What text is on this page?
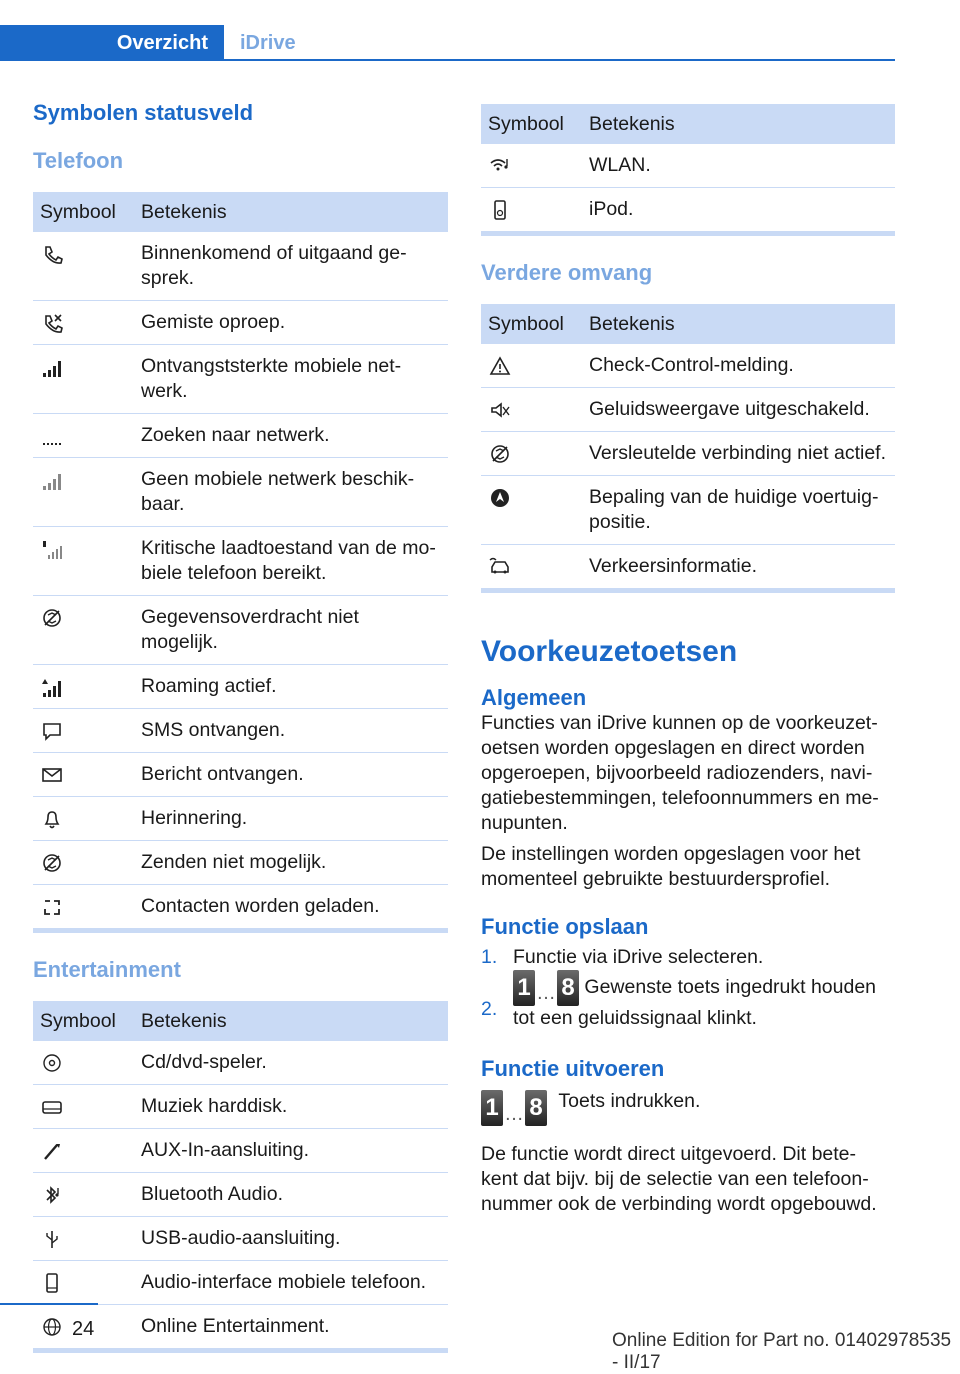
Overzicht	iDrive
Symbolen statusveld
Telefoon
Symbool	Betekenis
	Binnenkomend of uitgaand ge-
sprek.
	Gemiste oproep.
	Ontvangststerkte mobiele net-
werk.
	Zoeken naar netwerk.
	Geen mobiele netwerk beschik-
baar.
	Kritische laadtoestand van de mo-
biele telefoon bereikt.
	Gegevensoverdracht niet mogelijk.
	Roaming actief.
	SMS ontvangen.
	Bericht ontvangen.
	Herinnering.
	Zenden niet mogelijk.
	Contacten worden geladen.
Entertainment
Symbool	Betekenis
	Cd/dvd-speler.
	Muziek harddisk.
	AUX-In-aansluiting.
	Bluetooth Audio.
	USB-audio-aansluiting.
	Audio-interface mobiele telefoon.
	Online Entertainment.
Symbool	Betekenis
	WLAN.
	iPod.
Verdere omvang
Symbool	Betekenis
	Check-Control-melding.
	Geluidsweergave uitgeschakeld.
	Versleutelde verbinding niet actief.
	Bepaling van de huidige voertuig-
positie.
	Verkeersinformatie.
Voorkeuzetoetsen
Algemeen

Functies van iDrive kunnen op de voorkeuzet-
oetsen worden opgeslagen en direct worden
opgeroepen, bijvoorbeeld radiozenders, navi-
gatiebestemmingen, telefoonnummers en me-
nupunten.

De instellingen worden opgeslagen voor het
momenteel gebruikte bestuurdersprofiel.

Functie opslaan
1. Functie via iDrive selecteren.
2.
1 … 8 Gewenste toets ingedrukt houden
tot een geluidssignaal klinkt.
Functie uitvoeren
1 … 8 Toets indrukken.

De functie wordt direct uitgevoerd. Dit bete-
kent dat bijv. bij de selectie van een telefoon-
nummer ook de verbinding wordt opgebouwd.

24
Online Edition for Part no. 01402978535 - II/17
